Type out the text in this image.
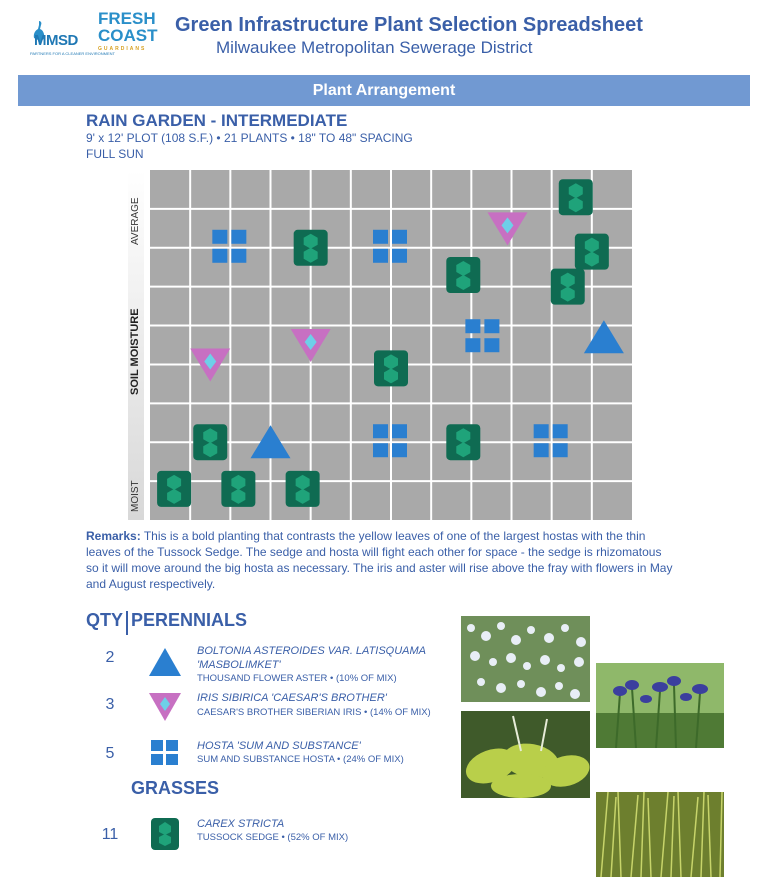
MMSD
PARTNERS FOR A CLEANER ENVIRONMENT
FRESH
COAST
GUARDIANS
Green Infrastructure Plant Selection Spreadsheet
Milwaukee Metropolitan Sewerage District
Plant Arrangement
RAIN GARDEN - INTERMEDIATE
9' x 12' PLOT (108 S.F.) • 21 PLANTS • 18" TO 48" SPACING
FULL SUN
AVERAGE
SOIL MOISTURE
MOIST
Remarks: This is a bold planting that contrasts the yellow leaves of one of the largest hostas with the thin leaves of the Tussock Sedge. The sedge and hosta will fight each other for space - the sedge is rhizomatous so it will move around the big hosta as necessary. The iris and aster will rise above the fray with flowers in May and August respectively.
QTY PERENNIALS
2	BOLTONIA ASTEROIDES VAR. LATISQUAMA
'MASBOLIMKET'
THOUSAND FLOWER ASTER • (10% OF MIX)
3	IRIS SIBIRICA 'CAESAR'S BROTHER'
CAESAR'S BROTHER SIBERIAN IRIS • (14% OF MIX)
5	HOSTA 'SUM AND SUBSTANCE'
SUM AND SUBSTANCE HOSTA • (24% OF MIX)
GRASSES
11
CAREX STRICTA
TUSSOCK SEDGE • (52% OF MIX)
